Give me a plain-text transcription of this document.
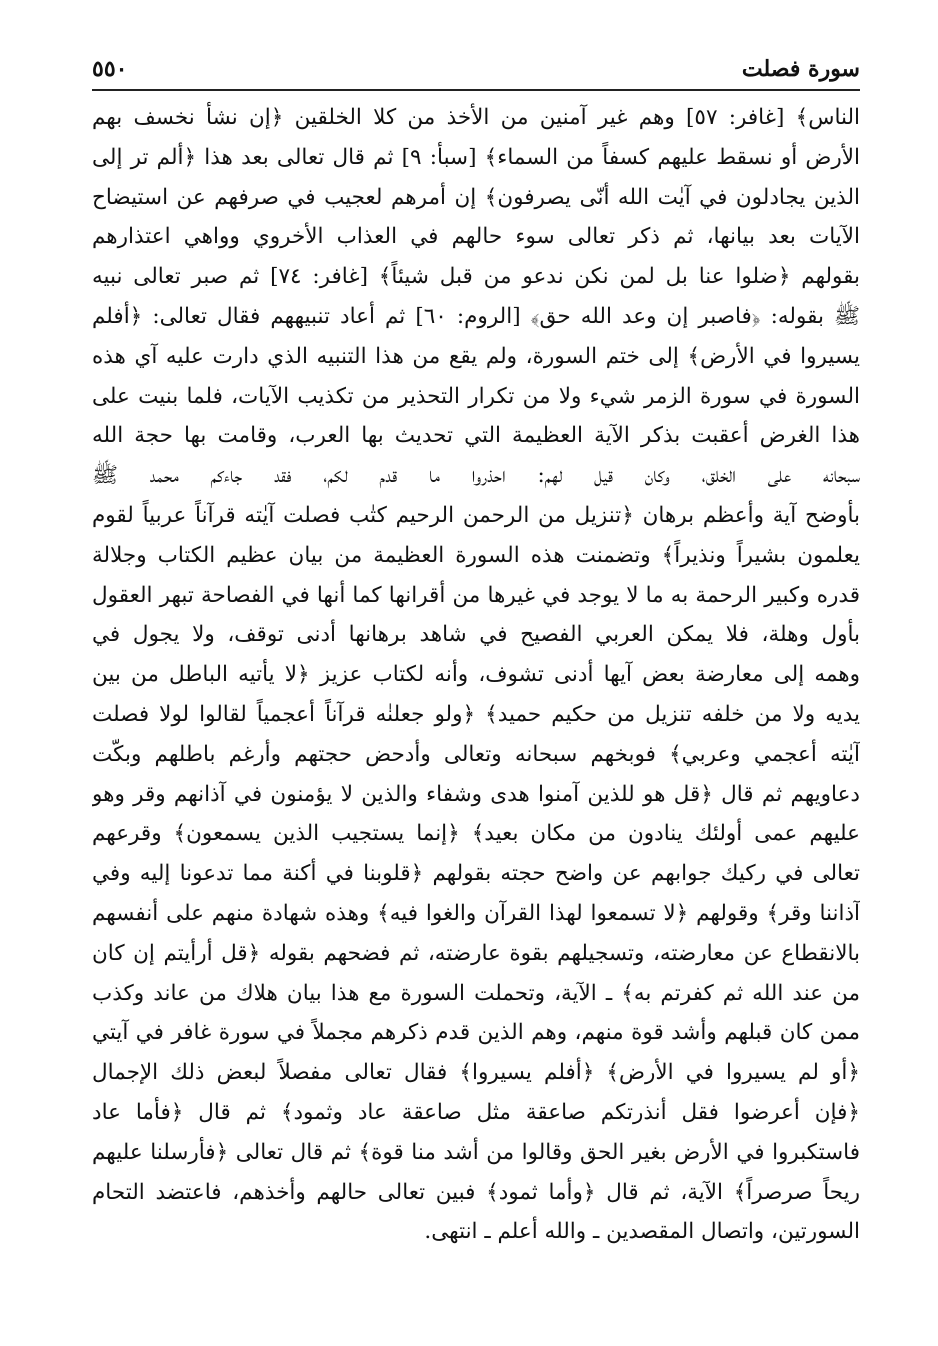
سورة فصلت
٥٥٠
الناس﴾ [غافر: ٥٧] وهم غير آمنين من الأخذ من كلا الخلقين ﴿إن نشأ نخسف بهم
الأرض أو نسقط عليهم كسفاً من السماء﴾ [سبأ: ٩] ثم قال تعالى بعد هذا ﴿ألم تر إلى
الذين يجادلون في آيٰت الله أنّى يصرفون﴾ إن أمرهم لعجيب في صرفهم عن استيضاح
الآيات بعد بيانها، ثم ذكر تعالى سوء حالهم في العذاب الأخروي وواهي اعتذارهم
بقولهم ﴿ضلوا عنا بل لمن نكن ندعو من قبل شيئاً﴾ [غافر: ٧٤] ثم صبر تعالى نبيه
ﷺ بقوله: ﴿فاصبر إن وعد الله حق﴾ [الروم: ٦٠] ثم أعاد تنبيههم فقال تعالى: ﴿أفلم
يسيروا في الأرض﴾ إلى ختم السورة، ولم يقع من هذا التنبيه الذي دارت عليه آي هذه
السورة في سورة الزمر شيء ولا من تكرار التحذير من تكذيب الآيات، فلما بنيت على
هذا الغرض أعقبت بذكر الآية العظيمة التي تحديث بها العرب، وقامت بها حجة الله
سبحانه على الخلق، وكان قيل لهم: احذروا ما قدم لكم، فقد جاءكم محمد ﷺ
بأوضح آية وأعظم برهان ﴿تنزيل من الرحمن الرحيم كتٰب فصلت آيٰته قرآناً عربياً لقوم
يعلمون بشيراً ونذيراً﴾ وتضمنت هذه السورة العظيمة من بيان عظيم الكتاب وجلالة
قدره وكبير الرحمة به ما لا يوجد في غيرها من أقرانها كما أنها في الفصاحة تبهر العقول
بأول وهلة، فلا يمكن العربي الفصيح في شاهد برهانها أدنى توقف، ولا يجول في
وهمه إلى معارضة بعض آيها أدنى تشوف، وأنه لكتاب عزيز ﴿لا يأتيه الباطل من بين
يديه ولا من خلفه تنزيل من حكيم حميد﴾ ﴿ولو جعلنٰه قرآناً أعجمياً لقالوا لولا فصلت
آيٰته أعجمي وعربي﴾ فوبخهم سبحانه وتعالى وأدحض حجتهم وأرغم باطلهم وبكّت
دعاويهم ثم قال ﴿قل هو للذين آمنوا هدى وشفاء والذين لا يؤمنون في آذانهم وقر وهو
عليهم عمى أولئك ينادون من مكان بعيد﴾ ﴿إنما يستجيب الذين يسمعون﴾ وقرعهم
تعالى في ركيك جوابهم عن واضح حجته بقولهم ﴿قلوبنا في أكنة مما تدعونا إليه وفي
آذاننا وقر﴾ وقولهم ﴿لا تسمعوا لهذا القرآن والغوا فيه﴾ وهذه شهادة منهم على أنفسهم
بالانقطاع عن معارضته، وتسجيلهم بقوة عارضته، ثم فضحهم بقوله ﴿قل أرأيتم إن كان
من عند الله ثم كفرتم به﴾ ـ الآية، وتحملت السورة مع هذا بيان هلاك من عاند وكذب
ممن كان قبلهم وأشد قوة منهم، وهم الذين قدم ذكرهم مجملاً في سورة غافر في آيتي
﴿أو لم يسيروا في الأرض﴾ ﴿أفلم يسيروا﴾ فقال تعالى مفصلاً لبعض ذلك الإجمال
﴿فإن أعرضوا فقل أنذرتكم صاعقة مثل صاعقة عاد وثمود﴾ ثم قال ﴿فأما عاد
فاستكبروا في الأرض بغير الحق وقالوا من أشد منا قوة﴾ ثم قال تعالى ﴿فأرسلنا عليهم
ريحاً صرصراً﴾ الآية، ثم قال ﴿وأما ثمود﴾ فبين تعالى حالهم وأخذهم، فاعتضد التحام
السورتين، واتصال المقصدين ـ والله أعلم ـ انتهى.
